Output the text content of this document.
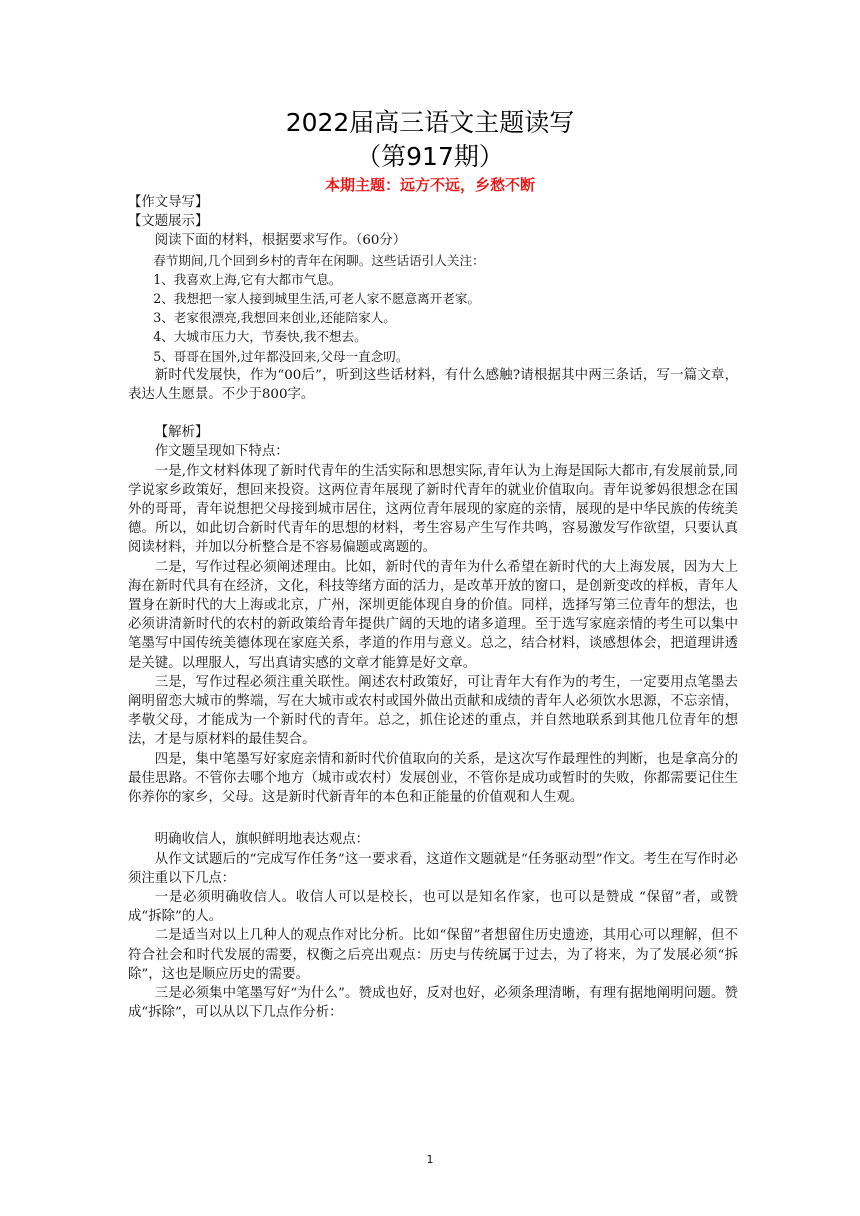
2022届高三语文主题读写
（第917期）
本期主题：远方不远，乡愁不断

【作文导写】

【文题展示】

阅读下面的材料，根据要求写作。（60分）

春节期间,几个回到乡村的青年在闲聊。这些话语引人关注：

1、我喜欢上海,它有大都市气息。

2、我想把一家人接到城里生活,可老人家不愿意离开老家。

3、老家很漂亮,我想回来创业,还能陪家人。

4、大城市压力大，节奏快,我不想去。

5、哥哥在国外,过年都没回来,父母一直念叨。

新时代发展快，作为“00后”，听到这些话材料，有什么感触?请根据其中两三条话，写一篇文章，表达人生愿景。不少于800字。

【解析】

作文题呈现如下特点：

一是,作文材料体现了新时代青年的生活实际和思想实际,青年认为上海是国际大都市,有发展前景,同学说家乡政策好，想回来投资。这两位青年展现了新时代青年的就业价值取向。青年说爹妈很想念在国外的哥哥，青年说想把父母接到城市居住，这两位青年展现的家庭的亲情，展现的是中华民族的传统美德。所以，如此切合新时代青年的思想的材料，考生容易产生写作共鸣，容易激发写作欲望，只要认真阅读材料，并加以分析整合是不容易偏题或离题的。

二是，写作过程必须阐述理由。比如，新时代的青年为什么希望在新时代的大上海发展，因为大上海在新时代具有在经济，文化，科技等绪方面的活力，是改革开放的窗口，是创新变改的样板，青年人置身在新时代的大上海或北京，广州，深圳更能体现自身的价值。同样，选择写第三位青年的想法，也必须讲清新时代的农村的新政策给青年提供广阔的天地的诸多道理。至于选写家庭亲情的考生可以集中笔墨写中国传统美德体现在家庭关系，孝道的作用与意义。总之，结合材料，谈感想体会，把道理讲透是关键。以理服人，写出真请实感的文章才能算是好文章。

三是，写作过程必须注重关联性。阐述农村政策好，可让青年大有作为的考生，一定要用点笔墨去阐明留恋大城市的弊端，写在大城市或农村或国外做出贡献和成绩的青年人必须饮水思源，不忘亲情，孝敬父母，才能成为一个新时代的青年。总之，抓住论述的重点，并自然地联系到其他几位青年的想法，才是与原材料的最佳契合。

四是，集中笔墨写好家庭亲情和新时代价值取向的关系，是这次写作最理性的判断，也是拿高分的最佳思路。不管你去哪个地方（城市或农村）发展创业，不管你是成功或暂时的失败，你都需要记住生你养你的家乡，父母。这是新时代新青年的本色和正能量的价值观和人生观。

明确收信人，旗帜鲜明地表达观点：

从作文试题后的“完成写作任务”这一要求看，这道作文题就是“任务驱动型”作文。考生在写作时必须注重以下几点：

一是必须明确收信人。收信人可以是校长，也可以是知名作家，也可以是赞成 “保留”者，或赞成“拆除”的人。

二是适当对以上几种人的观点作对比分析。比如“保留”者想留住历史遗迹，其用心可以理解，但不符合社会和时代发展的需要，权衡之后亮出观点：历史与传统属于过去，为了将来，为了发展必须“拆除”，这也是顺应历史的需要。

三是必须集中笔墨写好“为什么”。赞成也好，反对也好，必须条理清晰，有理有据地阐明问题。赞成“拆除”，可以从以下几点作分析：

1
